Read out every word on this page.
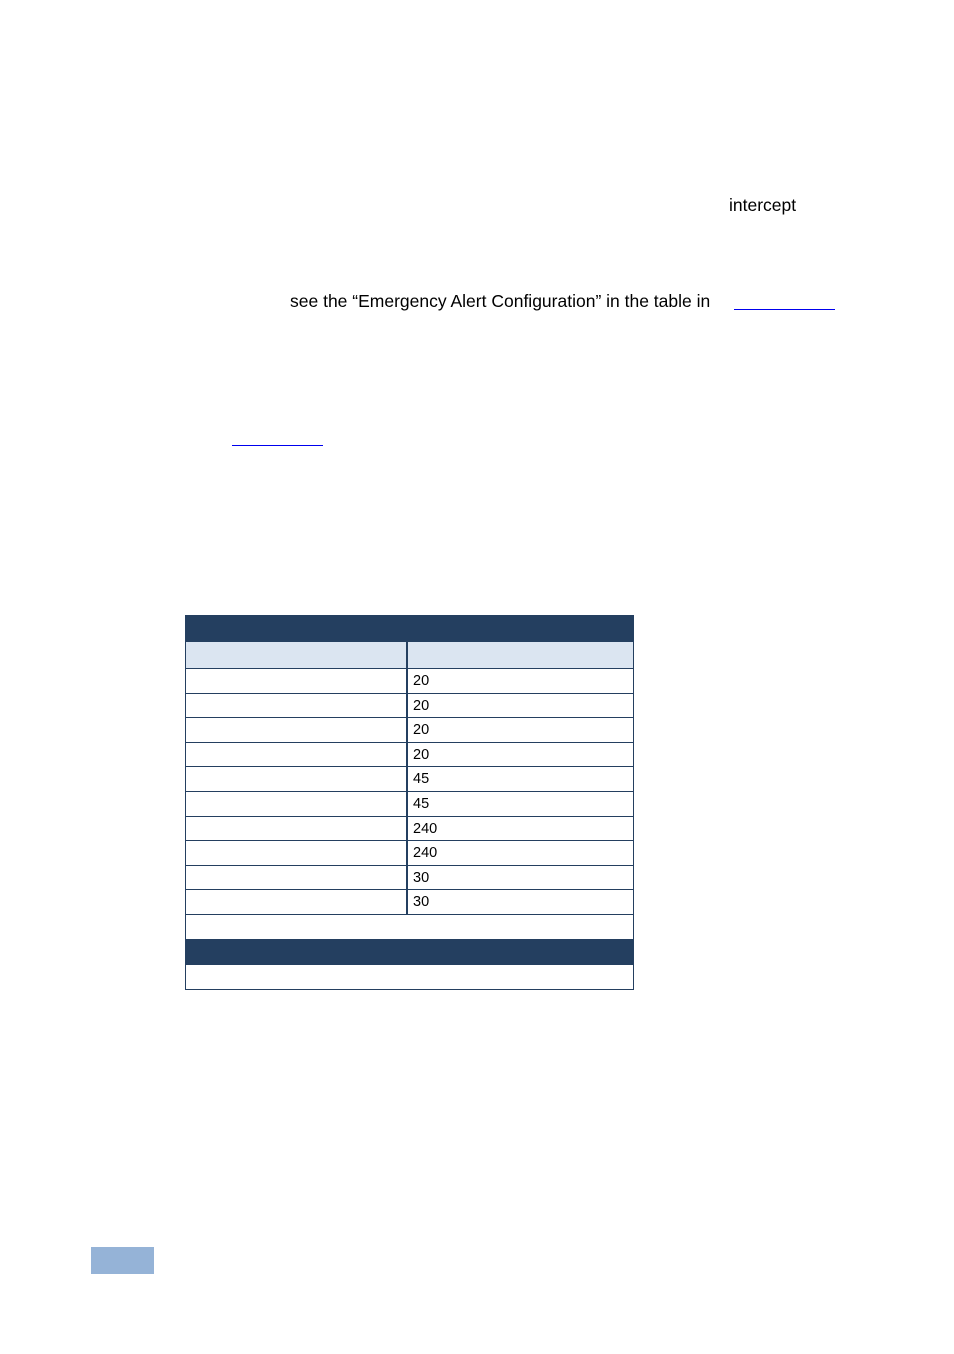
intercept
see the “Emergency Alert Configuration” in the table in
20
20
20
20
45
45
240
240
30
30
